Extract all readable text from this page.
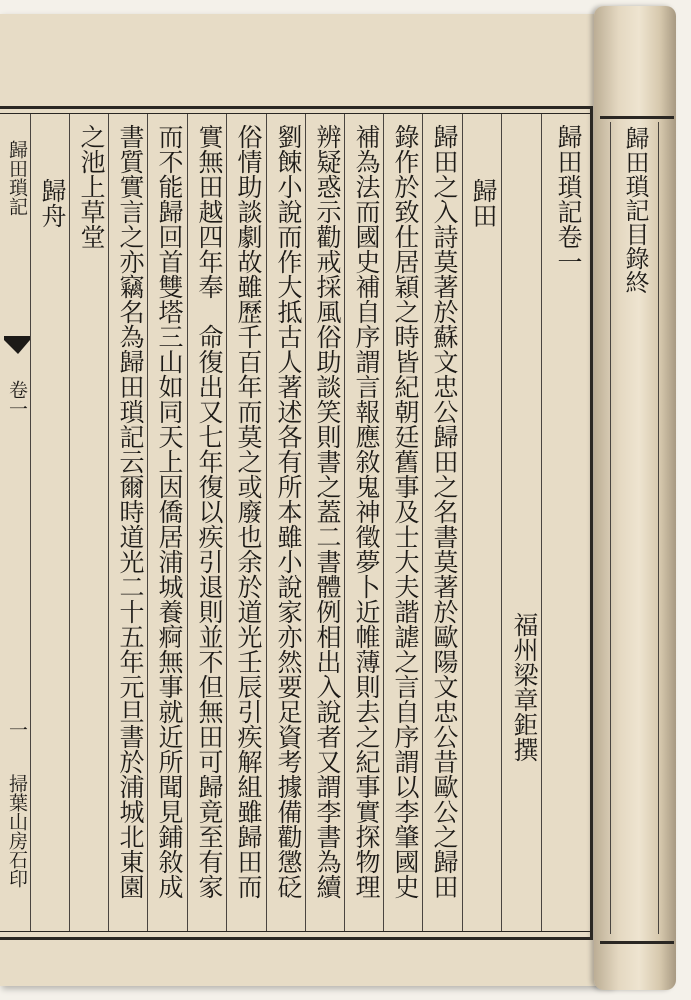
歸田瑣記目錄終
歸田瑣記
卷一
一
掃葉山房石印
歸田瑣記卷一
福州梁章鉅撰
歸田
歸田之入詩莫著於蘇文忠公歸田之名書莫著於歐陽文忠公昔歐公之歸田
錄作於致仕居穎之時皆紀朝廷舊事及士大夫諧謔之言自序謂以李肇國史
補為法而國史補自序謂言報應敘鬼神徵夢卜近帷薄則去之紀事實探物理
辨疑惑示勸戒採風俗助談笑則書之蓋二書體例相出入說者又謂李書為續
劉餗小說而作大抵古人著述各有所本雖小說家亦然要足資考據備勸懲砭
俗情助談劇故雖歷千百年而莫之或廢也余於道光壬辰引疾解組雖歸田而
實無田越四年奉　命復出又七年復以疾引退則並不但無田可歸竟至有家
而不能歸回首雙塔三山如同天上因僑居浦城養痾無事就近所聞見鋪敘成
書質實言之亦竊名為歸田瑣記云爾時道光二十五年元旦書於浦城北東園
之池上草堂
歸舟
